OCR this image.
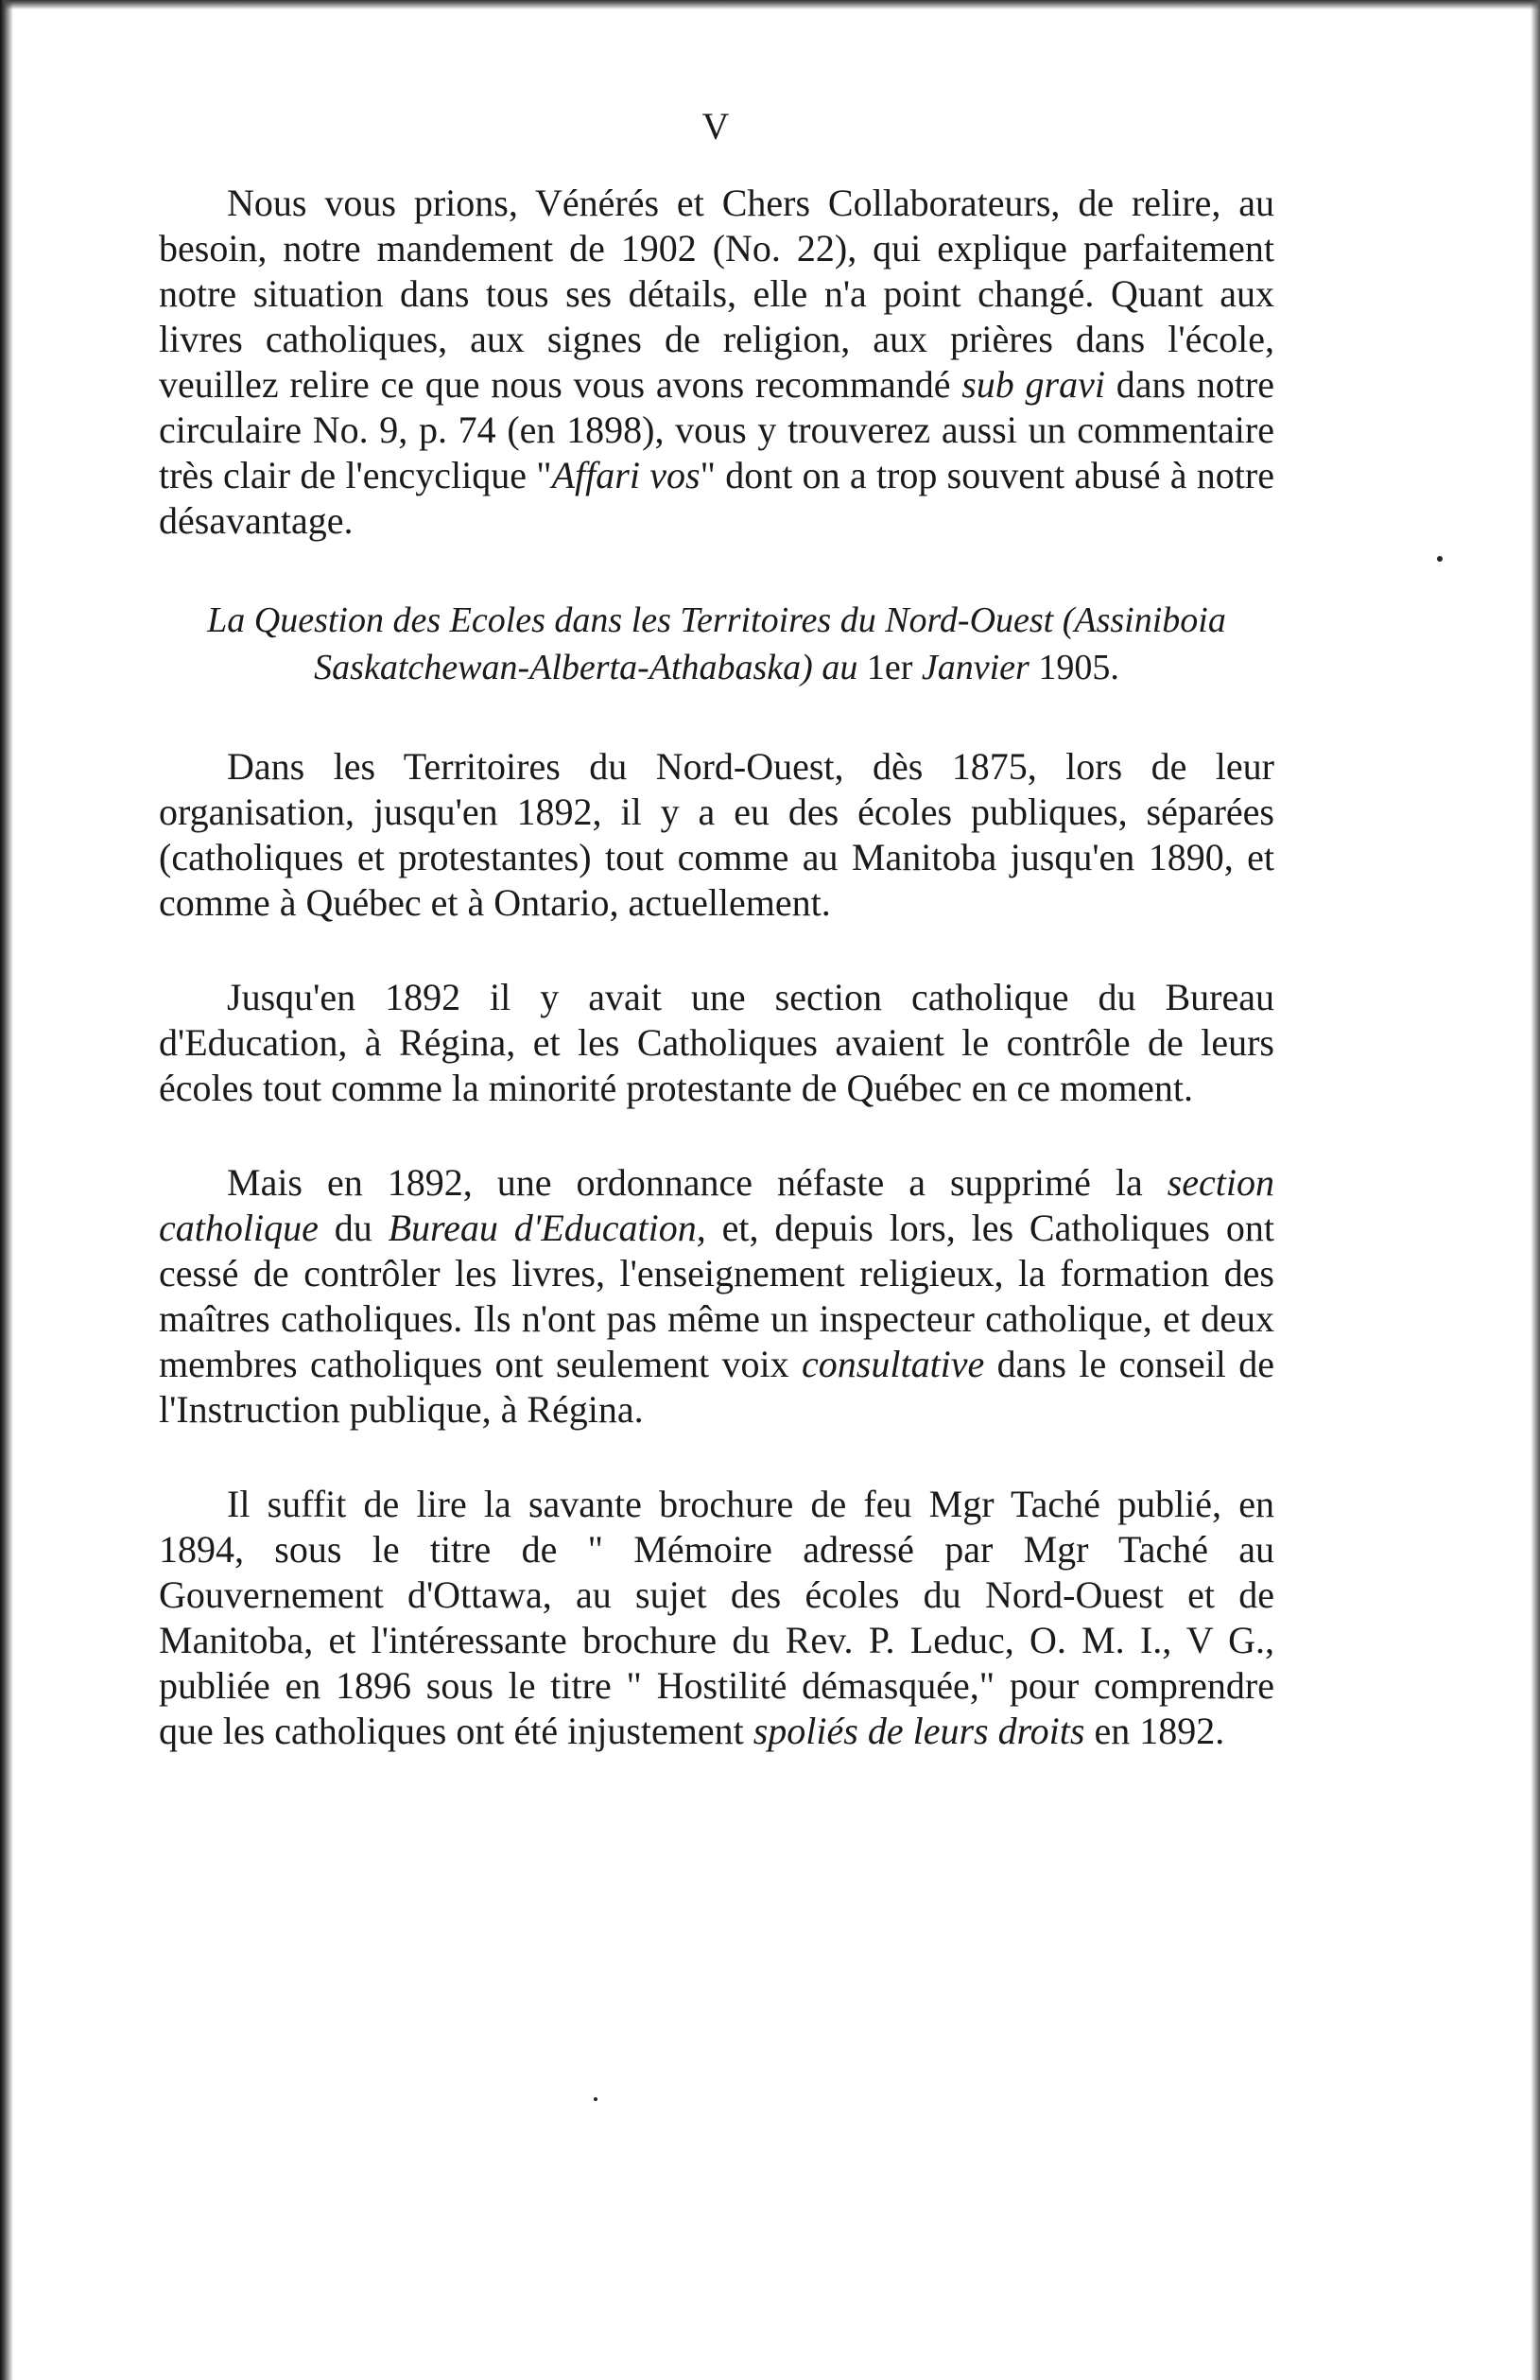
V

Nous vous prions, Vénérés et Chers Collaborateurs, de relire, au besoin, notre mandement de 1902 (No. 22), qui explique parfaitement notre situation dans tous ses détails, elle n'a point changé. Quant aux livres catholiques, aux signes de religion, aux prières dans l'école, veuillez relire ce que nous vous avons recommandé sub gravi dans notre circulaire No. 9, p. 74 (en 1898), vous y trouverez aussi un commentaire très clair de l'encyclique "Affari vos" dont on a trop souvent abusé à notre désavantage.

La Question des Ecoles dans les Territoires du Nord-Ouest (Assiniboia Saskatchewan-Alberta-Athabaska) au 1er Janvier 1905.

Dans les Territoires du Nord-Ouest, dès 1875, lors de leur organisation, jusqu'en 1892, il y a eu des écoles publiques, séparées (catholiques et protestantes) tout comme au Manitoba jusqu'en 1890, et comme à Québec et à Ontario, actuellement.

Jusqu'en 1892 il y avait une section catholique du Bureau d'Education, à Régina, et les Catholiques avaient le contrôle de leurs écoles tout comme la minorité protestante de Québec en ce moment.

Mais en 1892, une ordonnance néfaste a supprimé la section catholique du Bureau d'Education, et, depuis lors, les Catholiques ont cessé de contrôler les livres, l'enseignement religieux, la formation des maîtres catholiques. Ils n'ont pas même un inspecteur catholique, et deux membres catholiques ont seulement voix consultative dans le conseil de l'Instruction publique, à Régina.

Il suffit de lire la savante brochure de feu Mgr Taché publié, en 1894, sous le titre de " Mémoire adressé par Mgr Taché au Gouvernement d'Ottawa, au sujet des écoles du Nord-Ouest et de Manitoba, et l'intéressante brochure du Rev. P. Leduc, O. M. I., V G., publiée en 1896 sous le titre " Hostilité démasquée," pour comprendre que les catholiques ont été injustement spoliés de leurs droits en 1892.
